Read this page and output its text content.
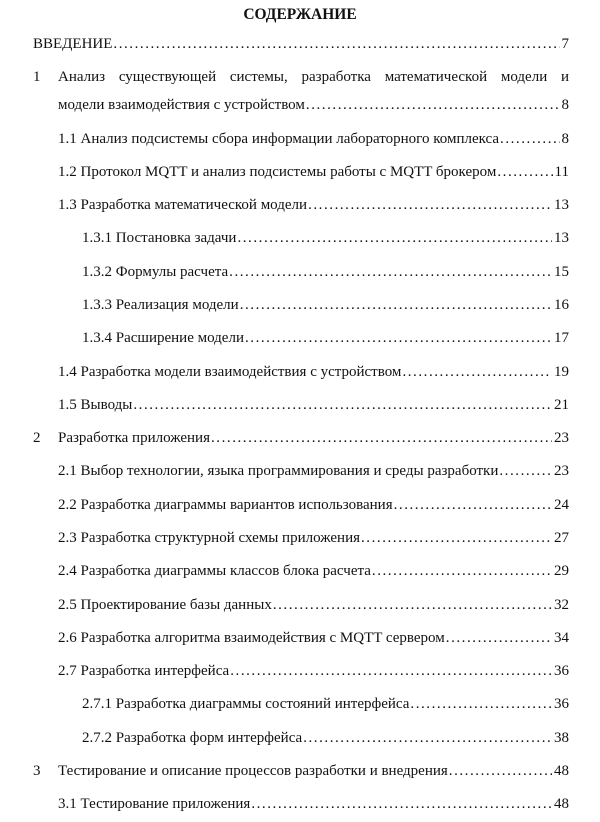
СОДЕРЖАНИЕ
ВВЕДЕНИЕ . . .	7
1	Анализ существующей системы, разработка математической модели и
модели взаимодействия с устройством . . .	8
1.1 Анализ подсистемы сбора информации лабораторного комплекса . . .	8
1.2 Протокол MQTT и анализ подсистемы работы с MQTT брокером . . .	11
1.3 Разработка математической модели . . .	13
1.3.1 Постановка задачи . . .	13
1.3.2 Формулы расчета . . .	15
1.3.3 Реализация модели . . .	16
1.3.4 Расширение модели . . .	17
1.4 Разработка модели взаимодействия с устройством . . .	19
1.5 Выводы . . .	21
2	Разработка приложения . . .	23
2.1 Выбор технологии, языка программирования и среды разработки . . .	23
2.2 Разработка диаграммы вариантов использования . . .	24
2.3 Разработка структурной схемы приложения . . .	27
2.4 Разработка диаграммы классов блока расчета . . .	29
2.5 Проектирование базы данных . . .	32
2.6 Разработка алгоритма взаимодействия с MQTT сервером . . .	34
2.7 Разработка интерфейса . . .	36
2.7.1 Разработка диаграммы состояний интерфейса . . .	36
2.7.2 Разработка форм интерфейса . . .	38
3	Тестирование и описание процессов разработки и внедрения . . .	48
3.1 Тестирование приложения . . .	48
